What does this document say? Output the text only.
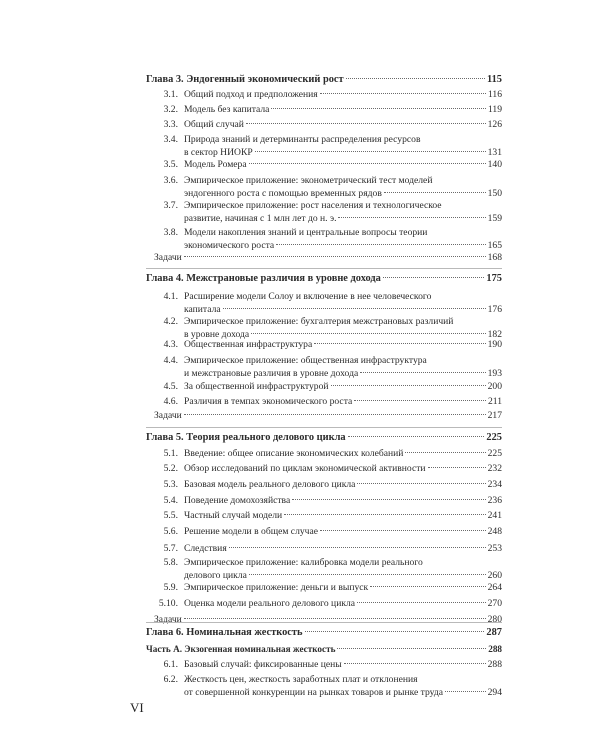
Глава 3. Эндогенный экономический рост	115
3.1. Общий подход и предположения	116
3.2. Модель без капитала	119
3.3. Общий случай	126
3.4. Природа знаний и детерминанты распределения ресурсов
в сектор НИОКР	131
3.5. Модель Ромера	140
3.6. Эмпирическое приложение: эконометрический тест моделей
эндогенного роста с помощью временных рядов	150
3.7. Эмпирическое приложение: рост населения и технологическое
развитие, начиная с 1 млн лет до н. э.	159
3.8. Модели накопления знаний и центральные вопросы теории
экономического роста	165
Задачи	168
Глава 4. Межстрановые различия в уровне дохода	175
4.1. Расширение модели Солоу и включение в нее человеческого
капитала	176
4.2. Эмпирическое приложение: бухгалтерия межстрановых различий
в уровне дохода	182
4.3. Общественная инфраструктура	190
4.4. Эмпирическое приложение: общественная инфраструктура
и межстрановые различия в уровне дохода	193
4.5. За общественной инфраструктурой	200
4.6. Различия в темпах экономического роста	211
Задачи	217
Глава 5. Теория реального делового цикла	225
5.1. Введение: общее описание экономических колебаний	225
5.2. Обзор исследований по циклам экономической активности	232
5.3. Базовая модель реального делового цикла	234
5.4. Поведение домохозяйства	236
5.5. Частный случай модели	241
5.6. Решение модели в общем случае	248
5.7. Следствия	253
5.8. Эмпирическое приложение: калибровка модели реального
делового цикла	260
5.9. Эмпирическое приложение: деньги и выпуск	264
5.10. Оценка модели реального делового цикла	270
Задачи	280
Глава 6. Номинальная жесткость	287
Часть A. Экзогенная номинальная жесткость	288
6.1. Базовый случай: фиксированные цены	288
6.2. Жесткость цен, жесткость заработных плат и отклонения
от совершенной конкуренции на рынках товаров и рынке труда	294
VI
